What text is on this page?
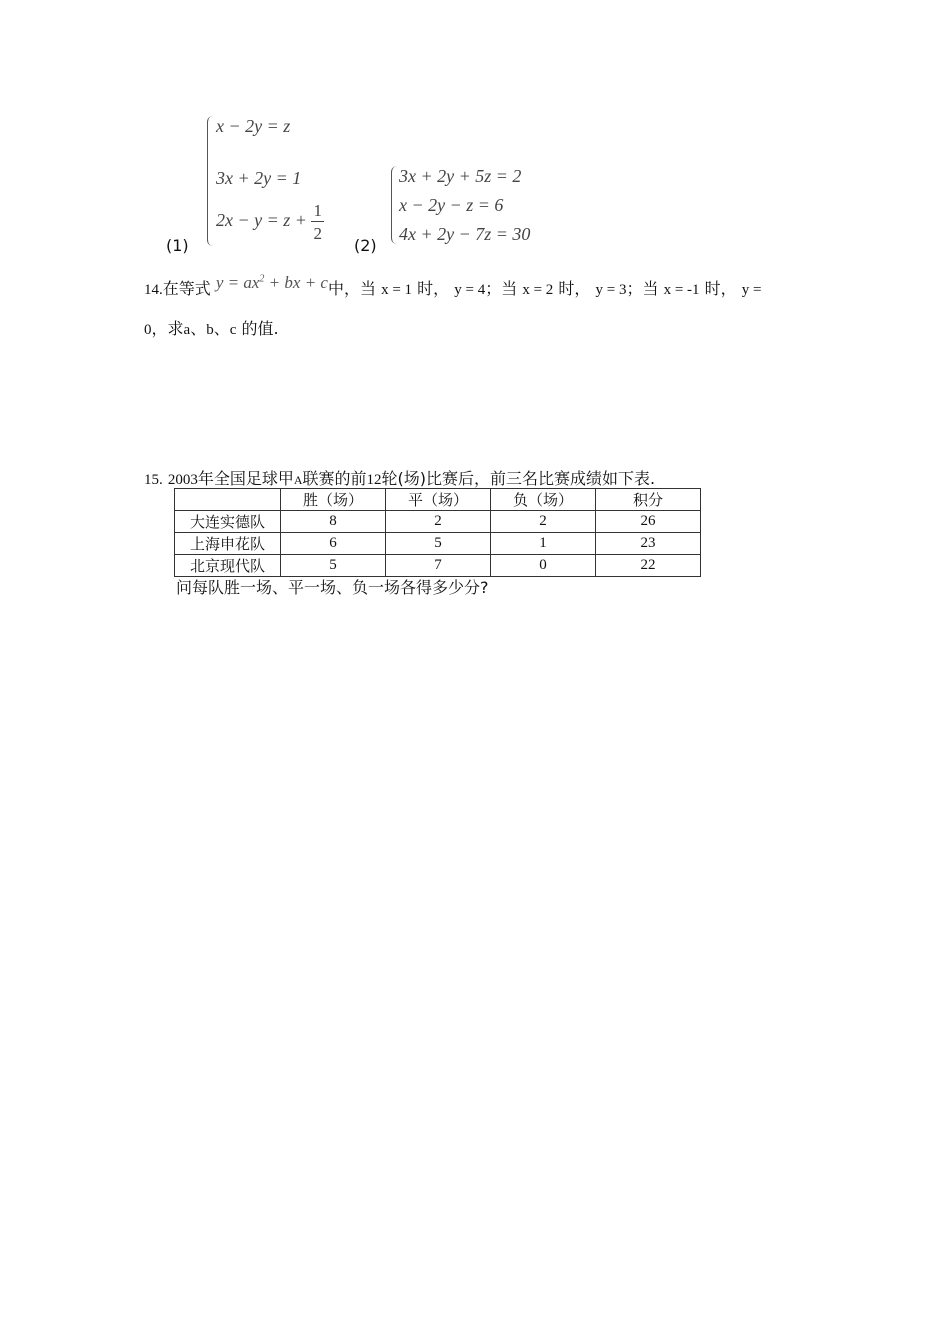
x − 2y = z
3x + 2y = 1
$2x - y = z + \frac{1}{2}$
(1)
3x + 2y + 5z = 2
x − 2y − z = 6
4x + 2y − 7z = 30
(2)
14.在等式 $y = ax^2$ + bx + c中，当 x = 1 时， y = 4；当 x = 2 时， y = 3；当 x = -1 时， y =
0，求a、b、c 的值.
15. 2003年全国足球甲A联赛的前12轮(场)比赛后，前三名比赛成绩如下表.
	胜（场）	平（场）	负（场）	积分
大连实德队	8	2	2	26
上海申花队	6	5	1	23
北京现代队	5	7	0	22
问每队胜一场、平一场、负一场各得多少分?
